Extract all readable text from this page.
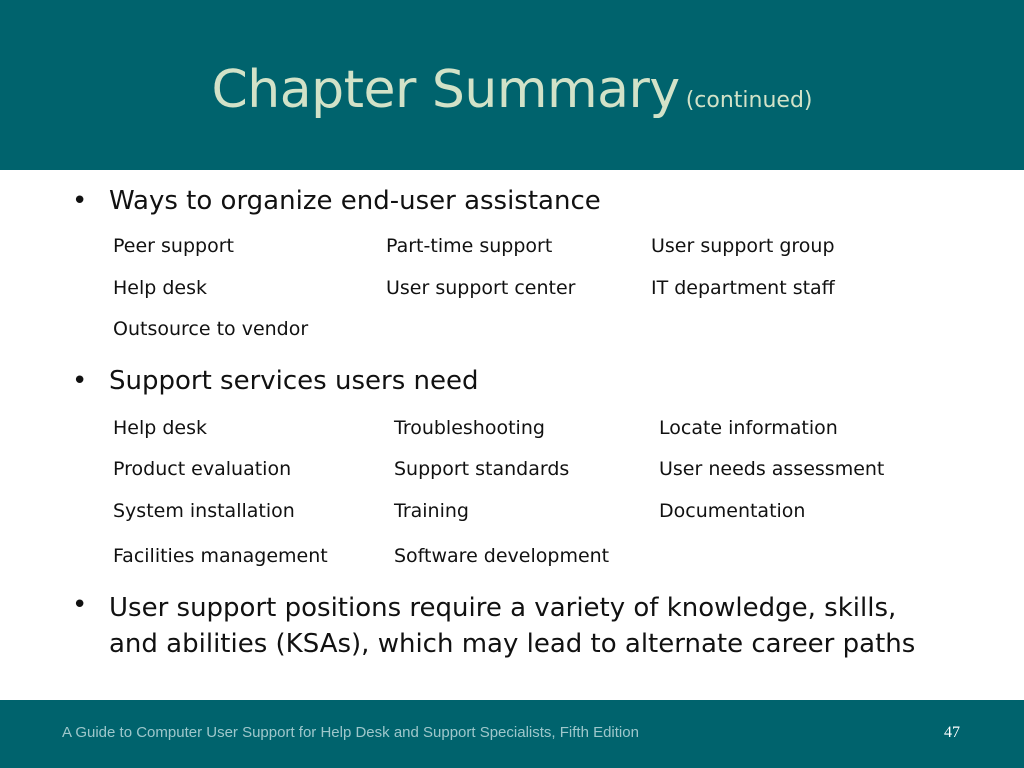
Chapter Summary (continued)
• Ways to organize end-user assistance
Peer support	Part-time support	User support group
Help desk	User support center	IT department staff
Outsource to vendor
• Support services users need
Help desk	Troubleshooting	Locate information
Product evaluation	Support standards	User needs assessment
System installation	Training	Documentation
Facilities management	Software development
• User support positions require a variety of knowledge, skills,
and abilities (KSAs), which may lead to alternate career paths
A Guide to Computer User Support for Help Desk and Support Specialists, Fifth Edition	47
